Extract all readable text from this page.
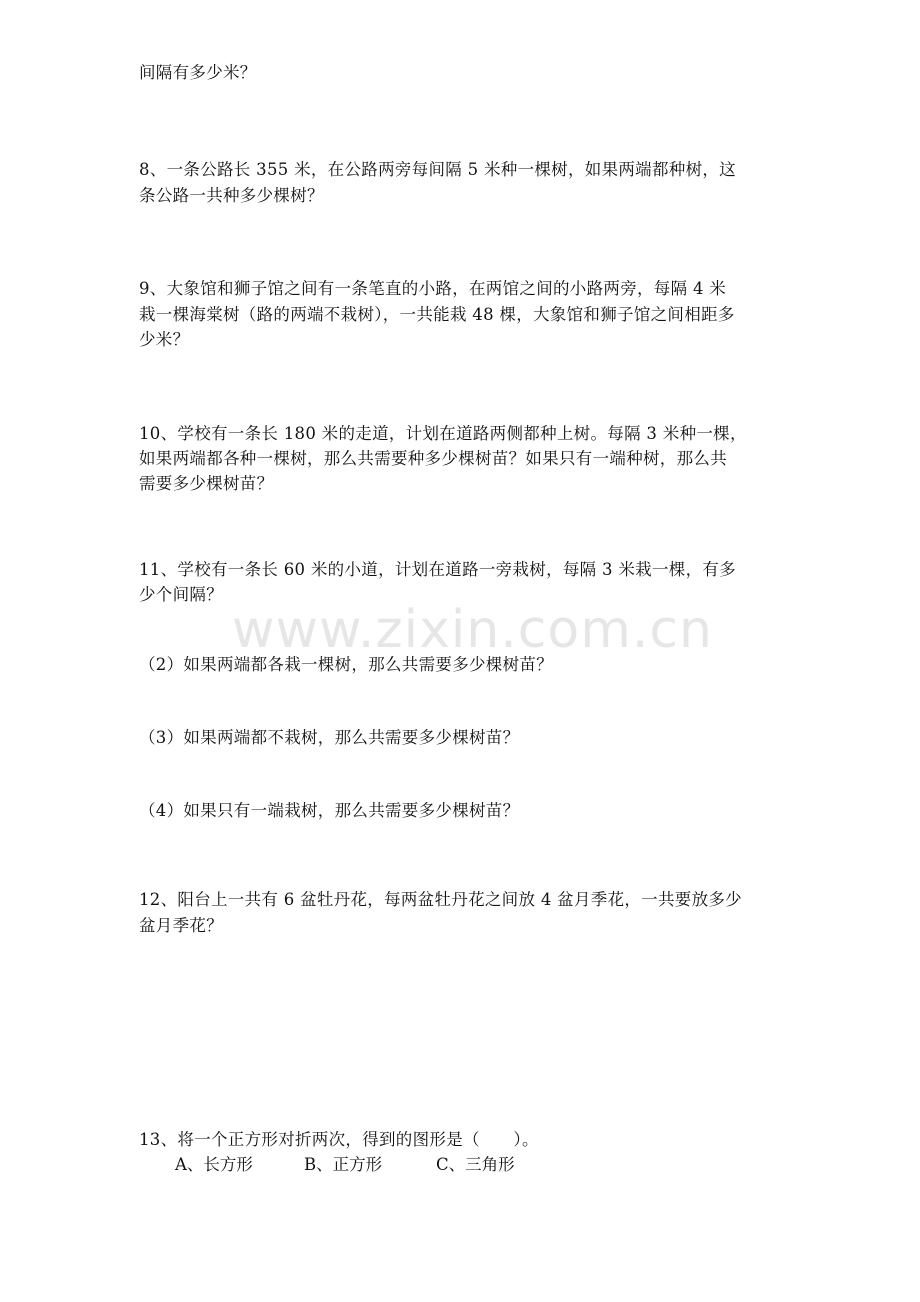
www.zixin.com.cn
间隔有多少米？
8、一条公路长 355 米，在公路两旁每间隔 5 米种一棵树，如果两端都种树，这
条公路一共种多少棵树？
9、大象馆和狮子馆之间有一条笔直的小路，在两馆之间的小路两旁，每隔 4 米
栽一棵海棠树（路的两端不栽树），一共能栽 48 棵，大象馆和狮子馆之间相距多
少米？
10、学校有一条长 180 米的走道，计划在道路两侧都种上树。每隔 3 米种一棵，
如果两端都各种一棵树，那么共需要种多少棵树苗？如果只有一端种树，那么共
需要多少棵树苗？
11、学校有一条长 60 米的小道，计划在道路一旁栽树，每隔 3 米栽一棵，有多
少个间隔？
（2）如果两端都各栽一棵树，那么共需要多少棵树苗？
（3）如果两端都不栽树，那么共需要多少棵树苗？
（4）如果只有一端栽树，那么共需要多少棵树苗？
12、阳台上一共有 6 盆牡丹花，每两盆牡丹花之间放 4 盆月季花，一共要放多少
盆月季花？
13、将一个正方形对折两次，得到的图形是（　　）。
A、长方形	B、正方形	C、三角形
